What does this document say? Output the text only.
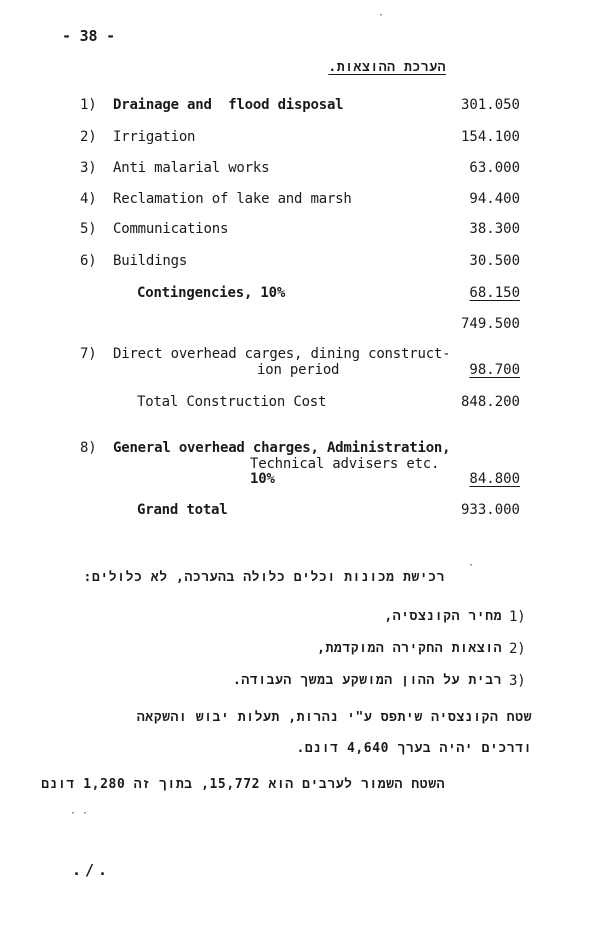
- 38 -
הערכת ההוצאות.
1) Drainage and  flood disposal	301.050
2) Irrigation	154.100
3) Anti malarial works	63.000
4) Reclamation of lake and marsh	94.400
5) Communications	38.300
6) Buildings	30.500
Contingencies, 10%	68.150
749.500
7) Direct overhead carges, dining construct-
ion period	98.700
Total Construction Cost	848.200
8) General overhead charges, Administration,
Technical advisers etc.
10%	84.800
Grand total	933.000
רכישת מכונות וכלים כלולה בהערכה, לא כלולים:
1)
מחיר הקונצסיה,
2)
הוצאות החקירה המוקדמת,
3)
רבית על ההון המושקע במשך העבודה.
שטח הקונצסיה שיתפס ע"י נהרות, תעלות יבוש והשקאה
ודרכים יהיה בערך 4,640 דונם.
השטח השמור לערבים הוא 15,772, בתוך זה 1,280 דונם
./.
·
·
· ·
